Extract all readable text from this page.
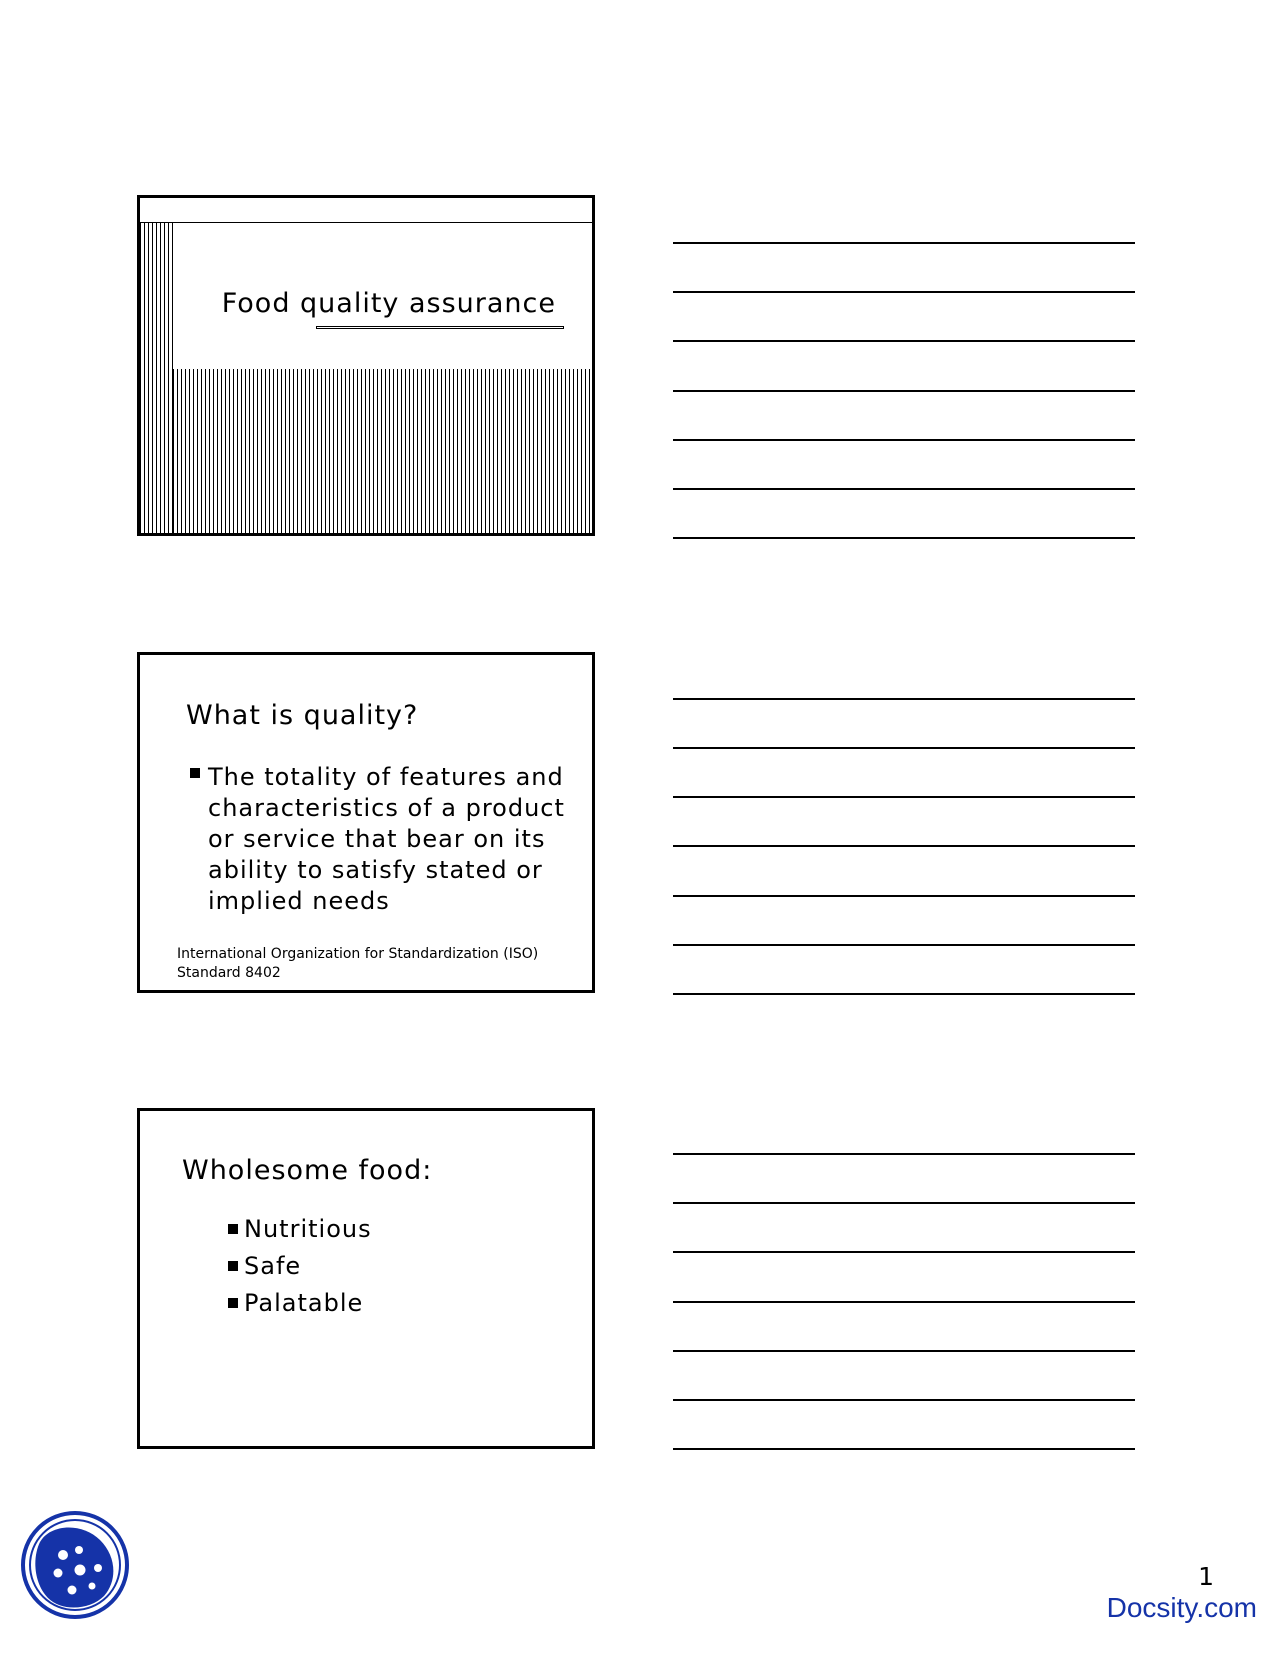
Food quality assurance
What is quality?
The totality of features and characteristics of a product or service that bear on its ability to satisfy stated or implied needs
International Organization for Standardization (ISO)
Standard 8402
Wholesome food:
Nutritious
Safe
Palatable
1
Docsity.com
